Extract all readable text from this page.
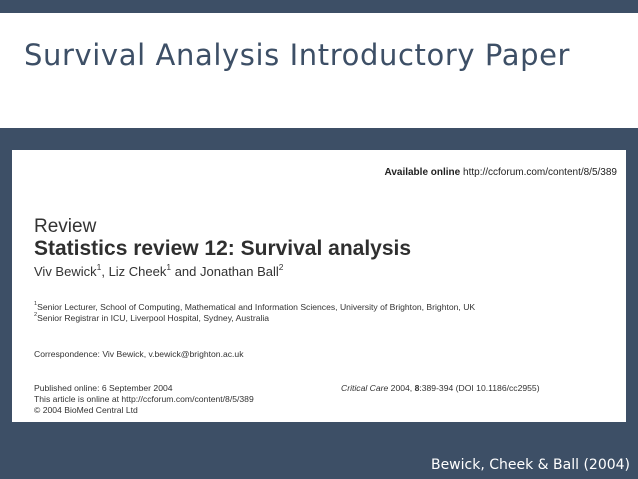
Survival Analysis Introductory Paper
Available online http://ccforum.com/content/8/5/389
Review
Statistics review 12: Survival analysis
Viv Bewick$^1$, Liz Cheek$^1$ and Jonathan Ball$^2$
$^1$Senior Lecturer, School of Computing, Mathematical and Information Sciences, University of Brighton, Brighton, UK
$^2$Senior Registrar in ICU, Liverpool Hospital, Sydney, Australia
Correspondence: Viv Bewick, v.bewick@brighton.ac.uk
Published online: 6 September 2004
This article is online at http://ccforum.com/content/8/5/389
© 2004 BioMed Central Ltd
Critical Care 2004, 8:389-394 (DOI 10.1186/cc2955)
Bewick, Cheek & Ball (2004)
